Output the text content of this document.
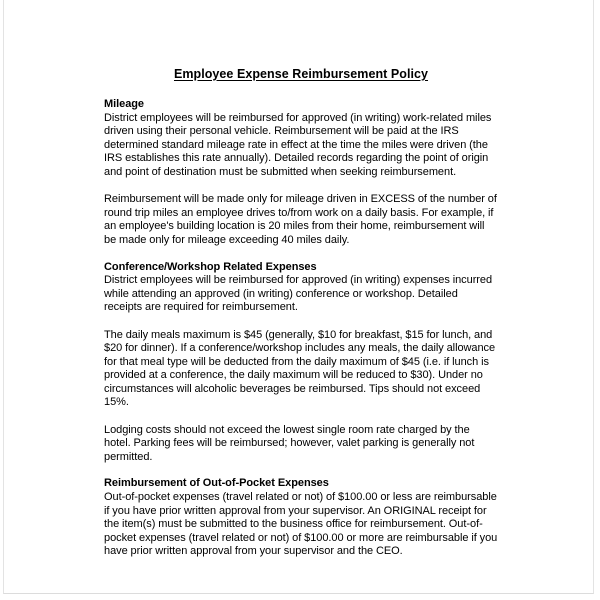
Employee Expense Reimbursement Policy
Mileage

District employees will be reimbursed for approved (in writing) work-related miles driven using their personal vehicle. Reimbursement will be paid at the IRS determined standard mileage rate in effect at the time the miles were driven (the IRS establishes this rate annually). Detailed records regarding the point of origin and point of destination must be submitted when seeking reimbursement.

Reimbursement will be made only for mileage driven in EXCESS of the number of round trip miles an employee drives to/from work on a daily basis. For example, if an employee's building location is 20 miles from their home, reimbursement will be made only for mileage exceeding 40 miles daily.

Conference/Workshop Related Expenses

District employees will be reimbursed for approved (in writing) expenses incurred while attending an approved (in writing) conference or workshop. Detailed receipts are required for reimbursement.

The daily meals maximum is $45 (generally, $10 for breakfast, $15 for lunch, and $20 for dinner). If a conference/workshop includes any meals, the daily allowance for that meal type will be deducted from the daily maximum of $45 (i.e. if lunch is provided at a conference, the daily maximum will be reduced to $30). Under no circumstances will alcoholic beverages be reimbursed. Tips should not exceed 15%.

Lodging costs should not exceed the lowest single room rate charged by the hotel. Parking fees will be reimbursed; however, valet parking is generally not permitted.

Reimbursement of Out-of-Pocket Expenses

Out-of-pocket expenses (travel related or not) of $100.00 or less are reimbursable if you have prior written approval from your supervisor. An ORIGINAL receipt for the item(s) must be submitted to the business office for reimbursement. Out-of-pocket expenses (travel related or not) of $100.00 or more are reimbursable if you have prior written approval from your supervisor and the CEO.
